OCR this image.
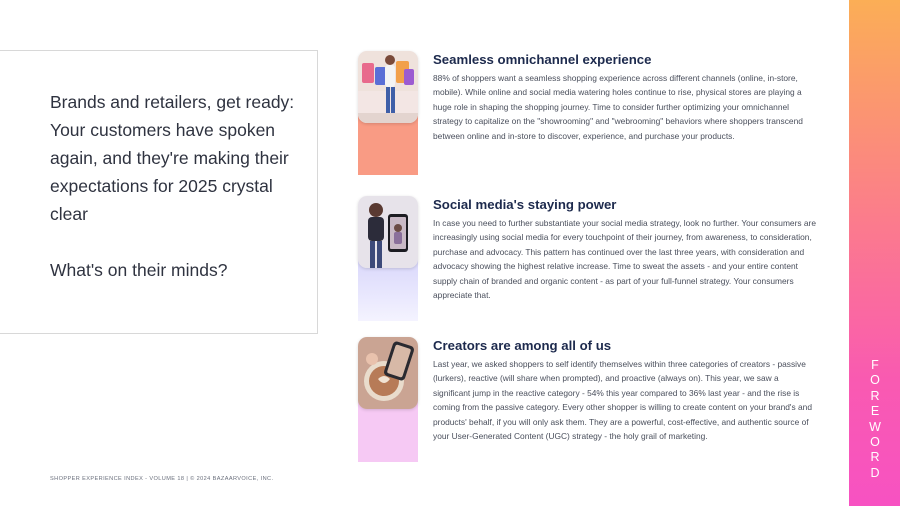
Brands and retailers, get ready: Your customers have spoken again, and they're making their expectations for 2025 crystal clear

What's on their minds?

Seamless omnichannel experience

88% of shoppers want a seamless shopping experience across different channels (online, in-store, mobile). While online and social media watering holes continue to rise, physical stores are playing a huge role in shaping the shopping journey. Time to consider further optimizing your omnichannel strategy to capitalize on the "showrooming" and "webrooming" behaviors where shoppers transcend between online and in-store to discover, experience, and purchase your products.

Social media's staying power

In case you need to further substantiate your social media strategy, look no further. Your consumers are increasingly using social media for every touchpoint of their journey, from awareness, to consideration, purchase and advocacy. This pattern has continued over the last three years, with consideration and advocacy showing the highest relative increase. Time to sweat the assets - and your entire content supply chain of branded and organic content - as part of your full-funnel strategy. Your consumers appreciate that.

Creators are among all of us

Last year, we asked shoppers to self identify themselves within three categories of creators - passive (lurkers), reactive (will share when prompted), and proactive (always on). This year, we saw a significant jump in the reactive category - 54% this year compared to 36% last year - and the rise is coming from the passive category. Every other shopper is willing to create content on your brand's and products' behalf, if you will only ask them. They are a powerful, cost-effective, and authentic source of your User-Generated Content (UGC) strategy - the holy grail of marketing.

SHOPPER EXPERIENCE INDEX - VOLUME 18 | © 2024 BAZAARVOICE, INC.
F
O
R
E
W
O
R
D
